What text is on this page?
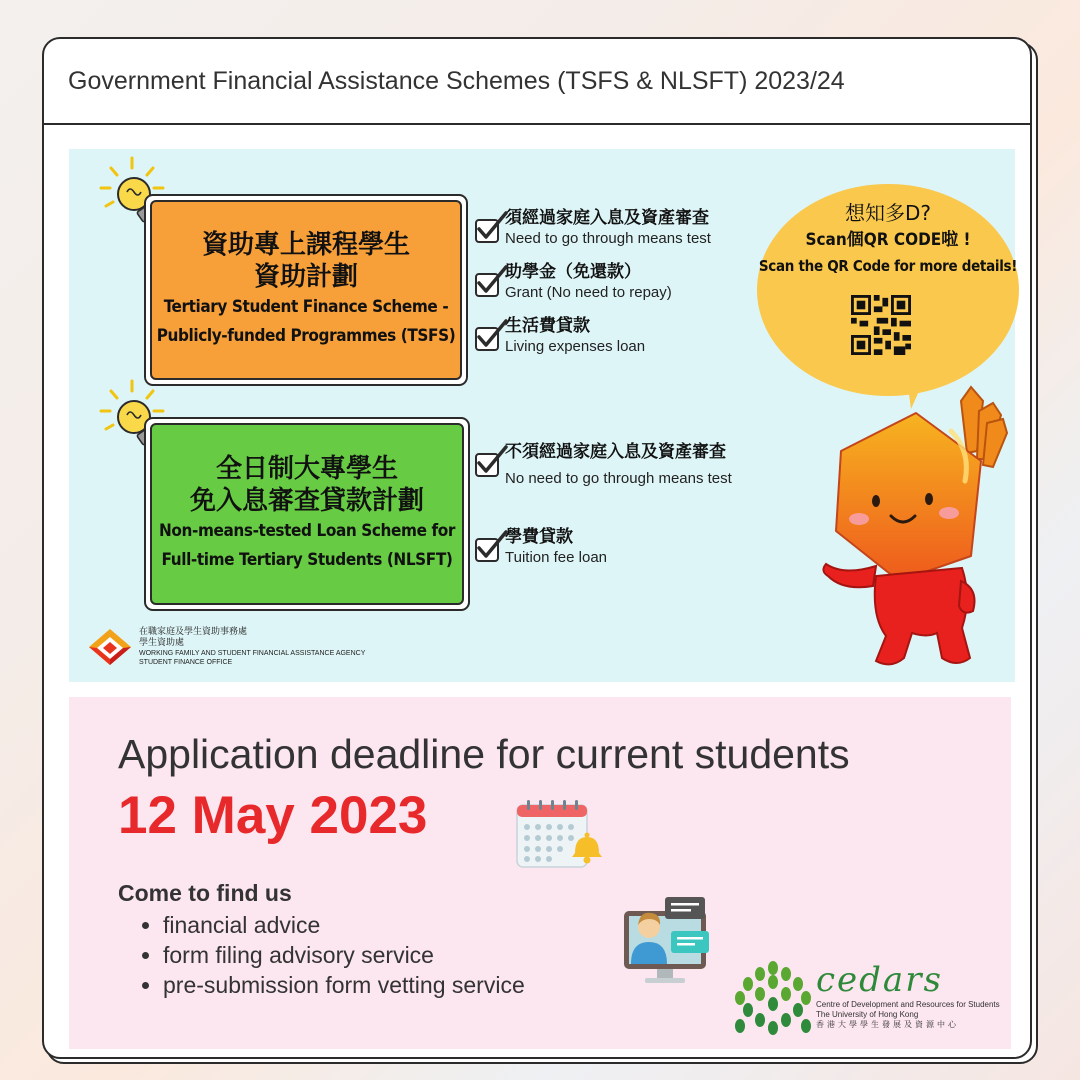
Government Financial Assistance Schemes (TSFS & NLSFT) 2023/24
資助專上課程學生
資助計劃
Tertiary Student Finance Scheme -
Publicly-funded Programmes (TSFS)
須經過家庭入息及資產審查
Need to go through means test
助學金（免還款）
Grant (No need to repay)
生活費貸款
Living expenses loan
全日制大專學生
免入息審查貸款計劃
Non-means-tested Loan Scheme for
Full-time Tertiary Students (NLSFT)
不須經過家庭入息及資產審查
No need to go through means test
學費貸款
Tuition fee loan
想知多D?
Scan個QR CODE啦 !
Scan the QR Code for more details!
在職家庭及學生資助事務處
學生資助處
WORKING FAMILY AND STUDENT FINANCIAL ASSISTANCE AGENCY
STUDENT FINANCE OFFICE
Application deadline for current students
12 May 2023
Come to find us
financial advice
form filing advisory service
pre-submission form vetting service	cedars
Centre of Development and Resources for Students
The University of Hong Kong
香港大學學生發展及資源中心
